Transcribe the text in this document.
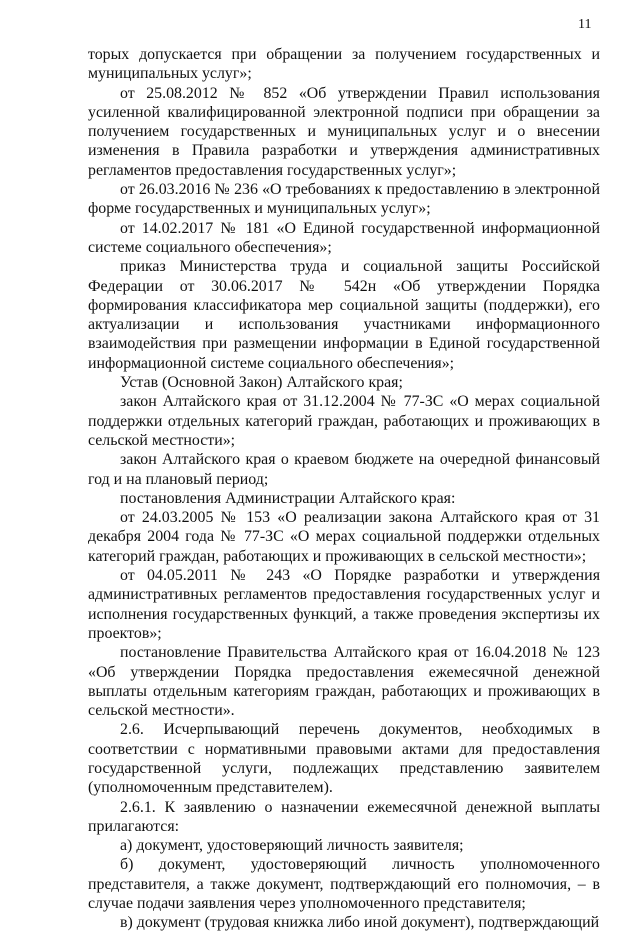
11

торых допускается при обращении за получением государственных и муниципальных услуг»;

от 25.08.2012 № 852 «Об утверждении Правил использования усиленной квалифицированной электронной подписи при обращении за получением государственных и муниципальных услуг и о внесении изменения в Правила разработки и утверждения административных регламентов предоставления государственных услуг»;

от 26.03.2016 № 236 «О требованиях к предоставлению в электронной форме государственных и муниципальных услуг»;

от 14.02.2017 № 181 «О Единой государственной информационной системе социального обеспечения»;

приказ Министерства труда и социальной защиты Российской Федерации от 30.06.2017 № 542н «Об утверждении Порядка формирования классификатора мер социальной защиты (поддержки), его актуализации и использования участниками информационного взаимодействия при размещении информации в Единой государственной информационной системе социального обеспечения»;

Устав (Основной Закон) Алтайского края;

закон Алтайского края от 31.12.2004 № 77-ЗС «О мерах социальной поддержки отдельных категорий граждан, работающих и проживающих в сельской местности»;

закон Алтайского края о краевом бюджете на очередной финансовый год и на плановый период;

постановления Администрации Алтайского края:

от 24.03.2005 № 153 «О реализации закона Алтайского края от 31 декабря 2004 года № 77-ЗС «О мерах социальной поддержки отдельных категорий граждан, работающих и проживающих в сельской местности»;

от 04.05.2011 № 243 «О Порядке разработки и утверждения административных регламентов предоставления государственных услуг и исполнения государственных функций, а также проведения экспертизы их проектов»;

постановление Правительства Алтайского края от 16.04.2018 № 123 «Об утверждении Порядка предоставления ежемесячной денежной выплаты отдельным категориям граждан, работающих и проживающих в сельской местности».

2.6. Исчерпывающий перечень документов, необходимых в соответствии с нормативными правовыми актами для предоставления государственной услуги, подлежащих представлению заявителем (уполномоченным представителем).

2.6.1. К заявлению о назначении ежемесячной денежной выплаты прилагаются:

а) документ, удостоверяющий личность заявителя;

б) документ, удостоверяющий личность уполномоченного представителя, а также документ, подтверждающий его полномочия, – в случае подачи заявления через уполномоченного представителя;

в) документ (трудовая книжка либо иной документ), подтверждающий
